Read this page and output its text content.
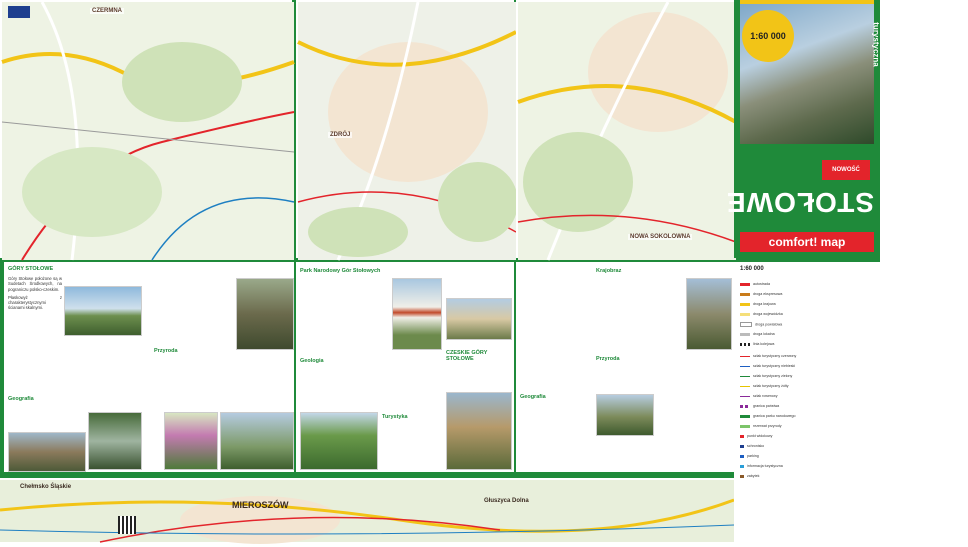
CZERMNA
ZDRÓJ
NOWA SOKOLOWNA
1:60 000
GÓRY STOŁOWE
turystyczna
NOWOŚĆ
comfort! map
GÓRY STOŁOWE

Góry Stołowe położone są w Sudetach Środkowych, na pograniczu polsko-czeskim.

Płaskowyż z charakterystycznymi ścianami skalnymi.

Geografia
Przyroda
Park Narodowy Gór Stołowych
Geologia
Turystyka
CZESKIE GÓRY STOŁOWE
Geografia
Krajobraz
Przyroda
MIEROSZÓW
Chełmsko Śląskie
Głuszyca Dolna
1:60 000
autostrada
droga ekspresowa
droga krajowa
droga wojewódzka
droga powiatowa
droga lokalna
linia kolejowa
szlak turystyczny czerwony
szlak turystyczny niebieski
szlak turystyczny zielony
szlak turystyczny żółty
szlak rowerowy
granica państwa
granica parku narodowego
rezerwat przyrody
punkt widokowy
schronisko
parking
informacja turystyczna
zabytek
